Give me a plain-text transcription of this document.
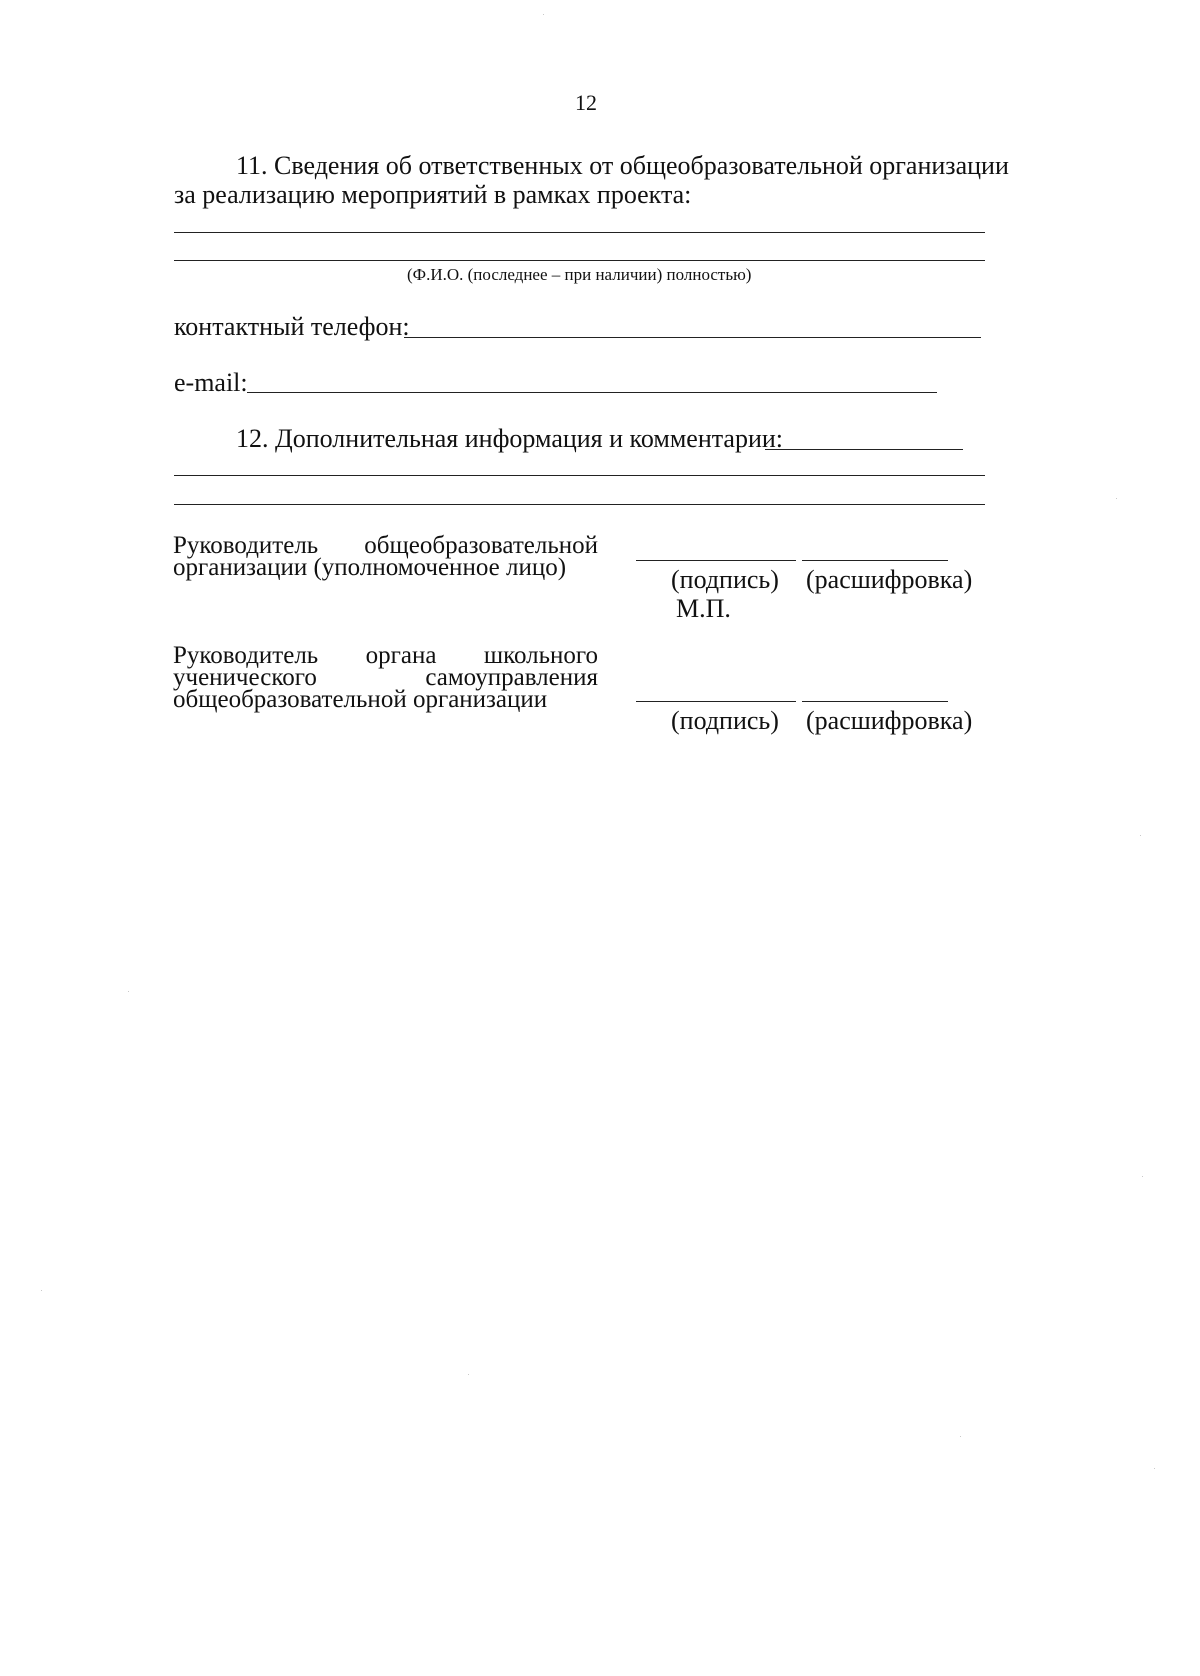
12
11. Сведения об ответственных от общеобразовательной организации
за реализацию мероприятий в рамках проекта:
(Ф.И.О. (последнее – при наличии) полностью)
контактный телефон:
e-mail:
12. Дополнительная информация и комментарии:
Руководитель общеобразовательной
организации (уполномоченное лицо)	(подпись) (расшифровка)
М.П.
Руководитель органа школьного
ученического самоуправления
общеобразовательной организации
(подпись) (расшифровка)
